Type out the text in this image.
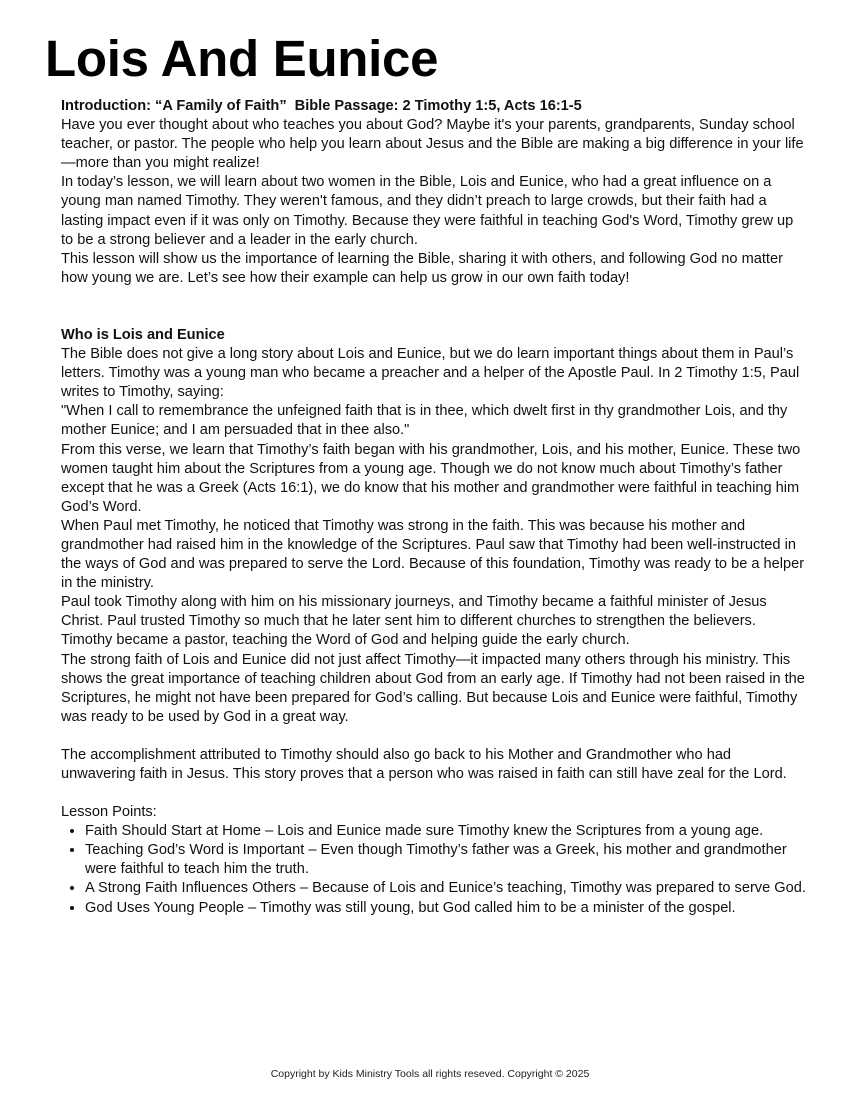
Lois And Eunice

Introduction: “A Family of Faith” Bible Passage: 2 Timothy 1:5, Acts 16:1-5

Have you ever thought about who teaches you about God? Maybe it's your parents, grandparents, Sunday school teacher, or pastor. The people who help you learn about Jesus and the Bible are making a big difference in your life—more than you might realize!

In today’s lesson, we will learn about two women in the Bible, Lois and Eunice, who had a great influence on a young man named Timothy. They weren't famous, and they didn’t preach to large crowds, but their faith had a lasting impact even if it was only on Timothy. Because they were faithful in teaching God's Word, Timothy grew up to be a strong believer and a leader in the early church.

This lesson will show us the importance of learning the Bible, sharing it with others, and following God no matter how young we are. Let’s see how their example can help us grow in our own faith today!

Who is Lois and Eunice

The Bible does not give a long story about Lois and Eunice, but we do learn important things about them in Paul’s letters. Timothy was a young man who became a preacher and a helper of the Apostle Paul. In 2 Timothy 1:5, Paul writes to Timothy, saying:

"When I call to remembrance the unfeigned faith that is in thee, which dwelt first in thy grandmother Lois, and thy mother Eunice; and I am persuaded that in thee also."

From this verse, we learn that Timothy’s faith began with his grandmother, Lois, and his mother, Eunice. These two women taught him about the Scriptures from a young age. Though we do not know much about Timothy’s father except that he was a Greek (Acts 16:1), we do know that his mother and grandmother were faithful in teaching him God’s Word.

When Paul met Timothy, he noticed that Timothy was strong in the faith. This was because his mother and grandmother had raised him in the knowledge of the Scriptures. Paul saw that Timothy had been well-instructed in the ways of God and was prepared to serve the Lord. Because of this foundation, Timothy was ready to be a helper in the ministry.

Paul took Timothy along with him on his missionary journeys, and Timothy became a faithful minister of Jesus Christ. Paul trusted Timothy so much that he later sent him to different churches to strengthen the believers. Timothy became a pastor, teaching the Word of God and helping guide the early church.

The strong faith of Lois and Eunice did not just affect Timothy—it impacted many others through his ministry. This shows the great importance of teaching children about God from an early age. If Timothy had not been raised in the Scriptures, he might not have been prepared for God’s calling. But because Lois and Eunice were faithful, Timothy was ready to be used by God in a great way.

The accomplishment attributed to Timothy should also go back to his Mother and Grandmother who had unwavering faith in Jesus. This story proves that a person who was raised in faith can still have zeal for the Lord.

Lesson Points:

• Faith Should Start at Home – Lois and Eunice made sure Timothy knew the Scriptures from a young age.
• Teaching God’s Word is Important – Even though Timothy’s father was a Greek, his mother and grandmother were faithful to teach him the truth.
• A Strong Faith Influences Others – Because of Lois and Eunice’s teaching, Timothy was prepared to serve God.
• God Uses Young People – Timothy was still young, but God called him to be a minister of the gospel.
Copyright by Kids Ministry Tools all rights reseved. Copyright © 2025
